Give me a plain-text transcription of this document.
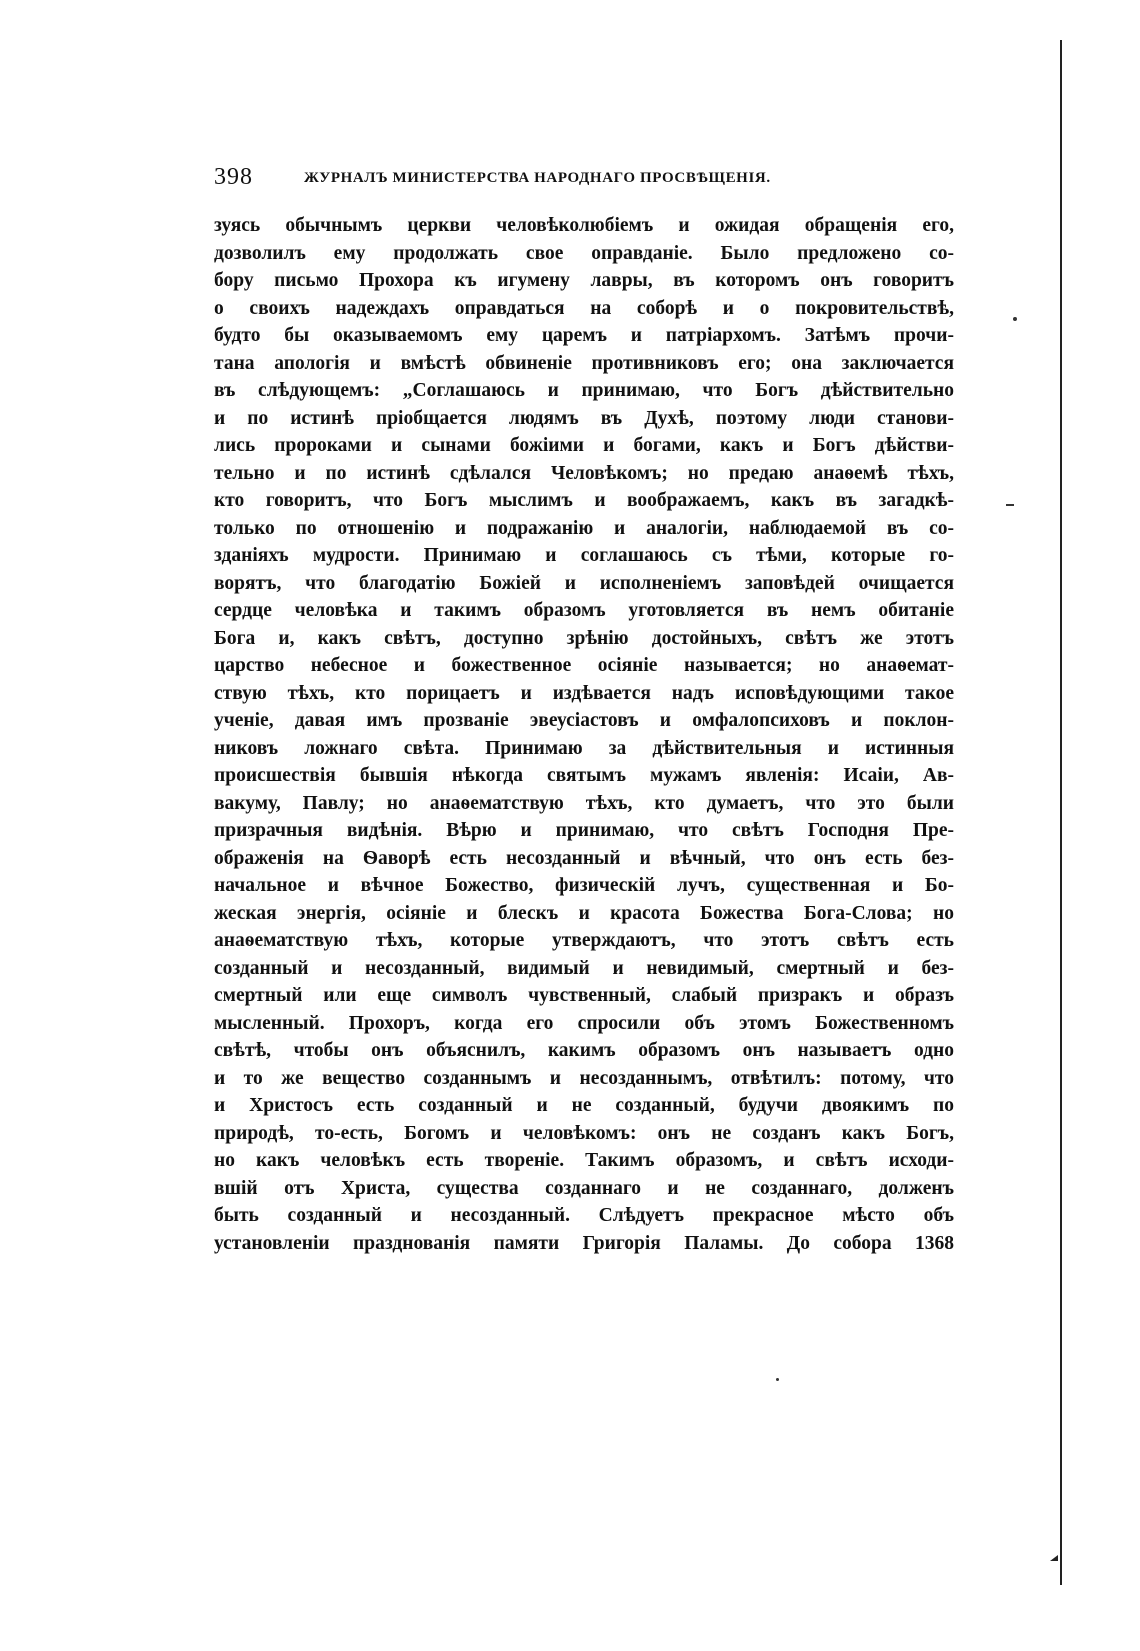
398	ЖУРНАЛЪ МИНИСТЕРСТВА НАРОДНАГО ПРОСВѢЩЕНІЯ.
зуясь обычнымъ церкви человѣколюбіемъ и ожидая обращенія его,
дозволилъ ему продолжать свое оправданіе. Было предложено со-
бору письмо Прохора къ игумену лавры, въ которомъ онъ говоритъ
о своихъ надеждахъ оправдаться на соборѣ и о покровительствѣ,
будто бы оказываемомъ ему царемъ и патріархомъ. Затѣмъ прочи-
тана апологія и вмѣстѣ обвиненіе противниковъ его; она заключается
въ слѣдующемъ: „Соглашаюсь и принимаю, что Богъ дѣйствительно
и по истинѣ пріобщается людямъ въ Духѣ, поэтому люди станови-
лись пророками и сынами божіими и богами, какъ и Богъ дѣйстви-
тельно и по истинѣ сдѣлался Человѣкомъ; но предаю анаѳемѣ тѣхъ,
кто говоритъ, что Богъ мыслимъ и воображаемъ, какъ въ загадкѣ-
только по отношенію и подражанію и аналогіи, наблюдаемой въ со-
зданіяхъ мудрости. Принимаю и соглашаюсь съ тѣми, которые го-
ворятъ, что благодатію Божіей и исполненіемъ заповѣдей очищается
сердце человѣка и такимъ образомъ уготовляется въ немъ обитаніе
Бога и, какъ свѣтъ, доступно зрѣнію достойныхъ, свѣтъ же этотъ
царство небесное и божественное осіяніе называется; но анаѳемат-
ствую тѣхъ, кто порицаетъ и издѣвается надъ исповѣдующими такое
ученіе, давая имъ прозваніе эвеусіастовъ и омфалопсиховъ и поклон-
никовъ ложнаго свѣта. Принимаю за дѣйствительныя и истинныя
происшествія бывшія нѣкогда святымъ мужамъ явленія: Исаіи, Ав-
вакуму, Павлу; но анаѳематствую тѣхъ, кто думаетъ, что это были
призрачныя видѣнія. Вѣрю и принимаю, что свѣтъ Господня Пре-
ображенія на Ѳаворѣ есть несозданный и вѣчный, что онъ есть без-
начальное и вѣчное Божество, физическій лучъ, существенная и Бо-
жеская энергія, осіяніе и блескъ и красота Божества Бога-Слова; но
анаѳематствую тѣхъ, которые утверждаютъ, что этотъ свѣтъ есть
созданный и несозданный, видимый и невидимый, смертный и без-
смертный или еще символъ чувственный, слабый призракъ и образъ
мысленный. Прохоръ, когда его спросили объ этомъ Божественномъ
свѣтѣ, чтобы онъ объяснилъ, какимъ образомъ онъ называетъ одно
и то же вещество созданнымъ и несозданнымъ, отвѣтилъ: потому, что
и Христосъ есть созданный и не созданный, будучи двоякимъ по
природѣ, то-есть, Богомъ и человѣкомъ: онъ не созданъ какъ Богъ,
но какъ человѣкъ есть твореніе. Такимъ образомъ, и свѣтъ исходи-
вшій отъ Христа, существа созданнаго и не созданнаго, долженъ
быть созданный и несозданный. Слѣдуетъ прекрасное мѣсто объ
установленіи празднованія памяти Григорія Паламы. До собора 1368
